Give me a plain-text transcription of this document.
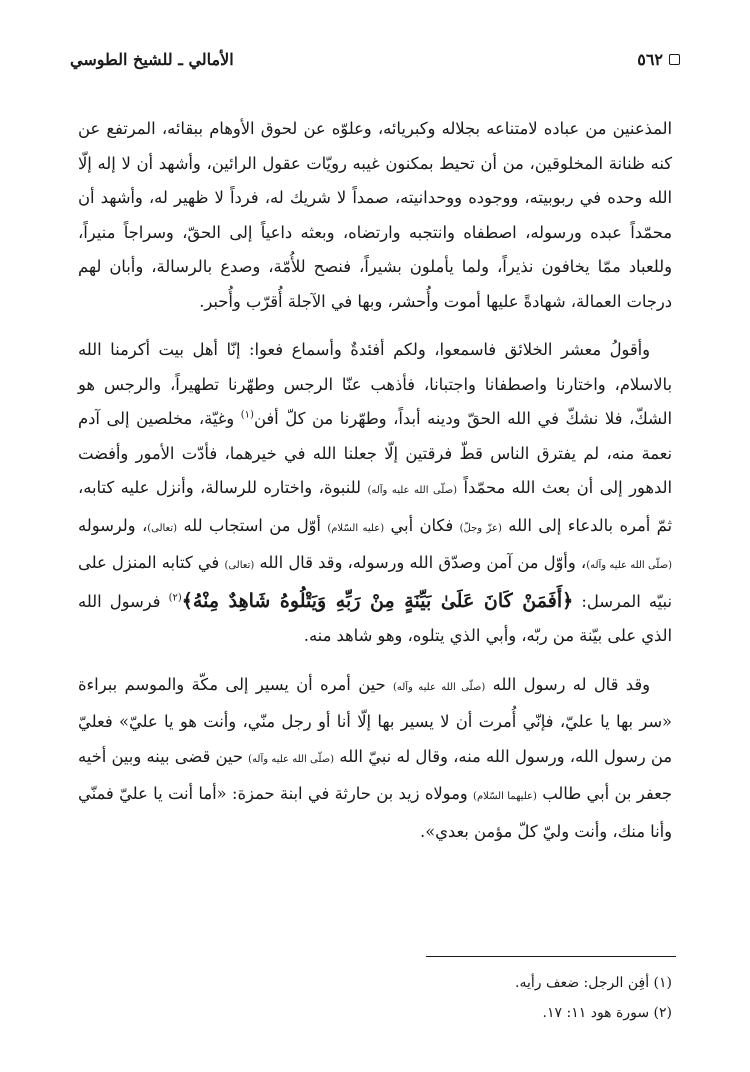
٥٦٢
الأمالي ـ للشيخ الطوسي

المذعنين من عباده لامتناعه بجلاله وكبريائه، وعلوّه عن لحوق الأوهام ببقائه، المرتفع عن كنه ظنانة المخلوقين، من أن تحيط بمكنون غيبه رويّات عقول الرائين، وأشهد أن لا إله إلّا الله وحده في ربوبيته، ووجوده ووحدانيته، صمداً لا شريك له، فرداً لا ظهير له، وأشهد أن محمّداً عبده ورسوله، اصطفاه وانتجبه وارتضاه، وبعثه داعياً إلى الحقّ، وسراجاً منيراً، وللعباد ممّا يخافون نذيراً، ولما يأملون بشيراً، فنصح للأُمّة، وصدع بالرسالة، وأبان لهم درجات العمالة، شهادةً عليها أموت وأُحشر، وبها في الآجلة أُقرّب وأُحبر.

وأقولُ معشر الخلائق فاسمعوا، ولكم أفئدةٌ وأسماع فعوا: إنّا أهل بيت أكرمنا الله بالاسلام، واختارنا واصطفانا واجتبانا، فأذهب عنّا الرجس وطهّرنا تطهيراً، والرجس هو الشكّ، فلا نشكّ في الله الحقّ ودينه أبداً، وطهّرنا من كلّ أفن$^{(١)}$ وغيّة، مخلصين إلى آدم نعمة منه، لم يفترق الناس قطّ فرقتين إلّا جعلنا الله في خيرهما، فأدّت الأمور وأفضت الدهور إلى أن بعث الله محمّداً (صلّى الله عليه وآله) للنبوة، واختاره للرسالة، وأنزل عليه كتابه، ثمّ أمره بالدعاء إلى الله (عزّ وجلّ) فكان أبي (عليه السّلام) أوّل من استجاب لله (تعالى)، ولرسوله (صلّى الله عليه وآله)، وأوّل من آمن وصدّق الله ورسوله، وقد قال الله (تعالى) في كتابه المنزل على نبيّه المرسل: ﴿أَفَمَنْ كَانَ عَلَىٰ بَيِّنَةٍ مِنْ رَبِّهِ وَيَتْلُوهُ شَاهِدٌ مِنْهُ﴾$^{(٢)}$ فرسول الله الذي على بيّنة من ربّه، وأبي الذي يتلوه، وهو شاهد منه.

وقد قال له رسول الله (صلّى الله عليه وآله) حين أمره أن يسير إلى مكّة والموسم ببراءة «سر بها يا عليّ، فإنّي أُمرت أن لا يسير بها إلّا أنا أو رجل منّي، وأنت هو يا عليّ» فعليّ من رسول الله، ورسول الله منه، وقال له نبيّ الله (صلّى الله عليه وآله) حين قضى بينه وبين أخيه جعفر بن أبي طالب (عليهما السّلام) ومولاه زيد بن حارثة في ابنة حمزة: «أما أنت يا عليّ فمنّي وأنا منك، وأنت وليّ كلّ مؤمن بعدي».

(١) أفِن الرجل: ضعف رأيه.
(٢) سورة هود ١١: ١٧.
